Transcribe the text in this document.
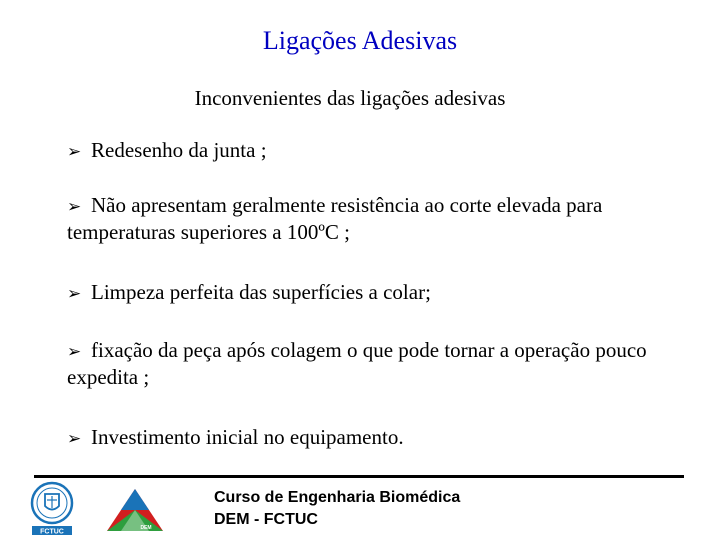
Ligações Adesivas
Inconvenientes das ligações adesivas
➢ Redesenho da junta ;
➢ Não apresentam geralmente resistência ao corte elevada para temperaturas superiores a 100ºC ;
➢ Limpeza perfeita das superfícies a colar;
➢ fixação da peça após colagem o que pode tornar a operação pouco expedita ;
➢ Investimento inicial no equipamento.
FCTUC
DEM
Curso de Engenharia Biomédica
DEM - FCTUC
